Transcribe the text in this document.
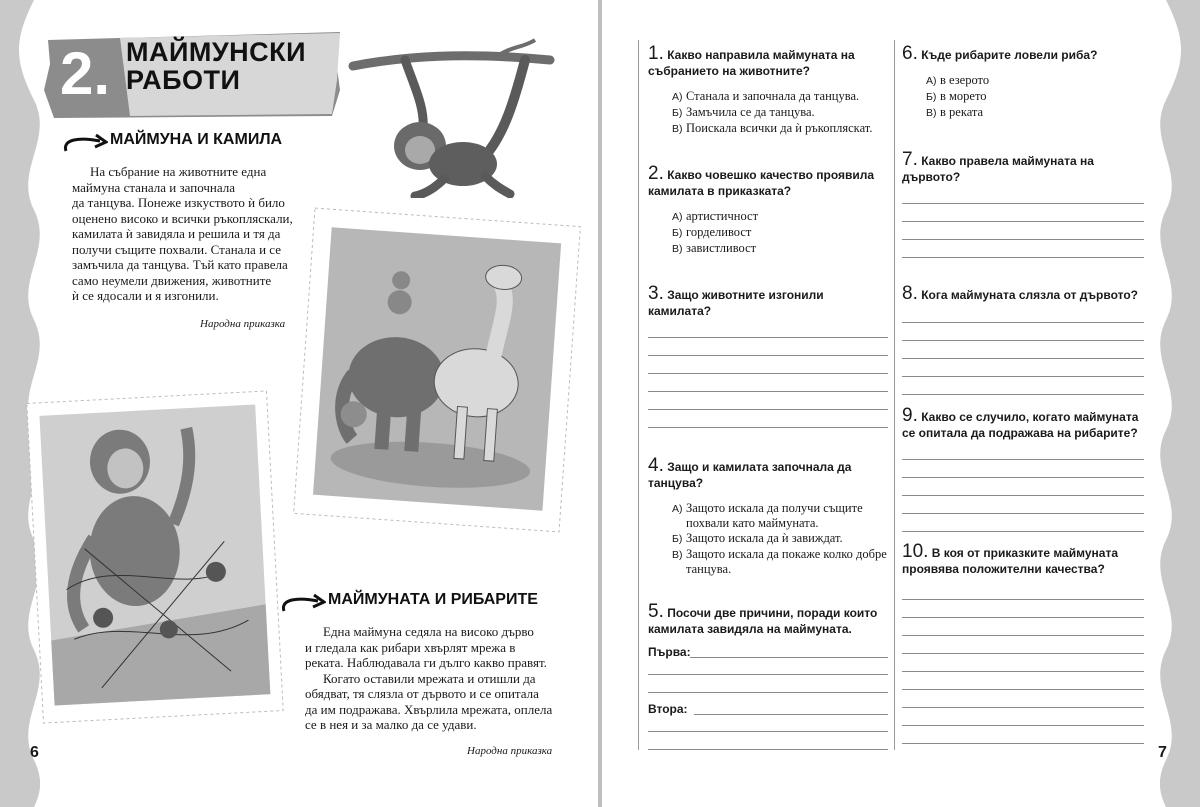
2. МАЙМУНСКИ
РАБОТИ
МАЙМУНА И КАМИЛА

На събрание на животните една

маймуна станала и започнала

да танцува. Понеже изкуството ѝ било

оценено високо и всички ръкопляскали,

камилата ѝ завидяла и решила и тя да

получи същите похвали. Станала и се

замъчила да танцува. Тъй като правела

само неумели движения, животните

ѝ се ядосали и я изгонили.

Народна приказка
МАЙМУНАТА И РИБАРИТЕ

Една маймуна седяла на високо дърво

и гледала как рибари хвърлят мрежа в

реката. Наблюдавала ги дълго какво правят.

Когато оставили мрежата и отишли да

обядват, тя слязла от дървото и се опитала

да им подражава. Хвърлила мрежата, оплела

се в нея и за малко да се удави.

Народна приказка
6
1. Какво направила маймуната на събранието на животните?
А) Станала и започнала да танцува.
Б) Замъчила се да танцува.
В) Поискала всички да ѝ ръкопляскат.
2. Какво човешко качество проявила камилата в приказката?
А) артистичност
Б) горделивост
В) завистливост
3. Защо животните изгонили камилата?
4. Защо и камилата започнала да танцува?
А) Защото искала да получи същите похвали като маймуната.
Б) Защото искала да ѝ завиждат.
В) Защото искала да покаже колко добре танцува.
5. Посочи две причини, поради които камилата завидяла на маймуната.
Първа:
Втора:
6. Къде рибарите ловели риба?
А) в езерото
Б) в морето
В) в реката
7. Какво правела маймуната на дървото?
8. Кога маймуната слязла от дървото?
9. Какво се случило, когато маймуната се опитала да подражава на рибарите?
10. В коя от приказките маймуната проявява положителни качества?
7
